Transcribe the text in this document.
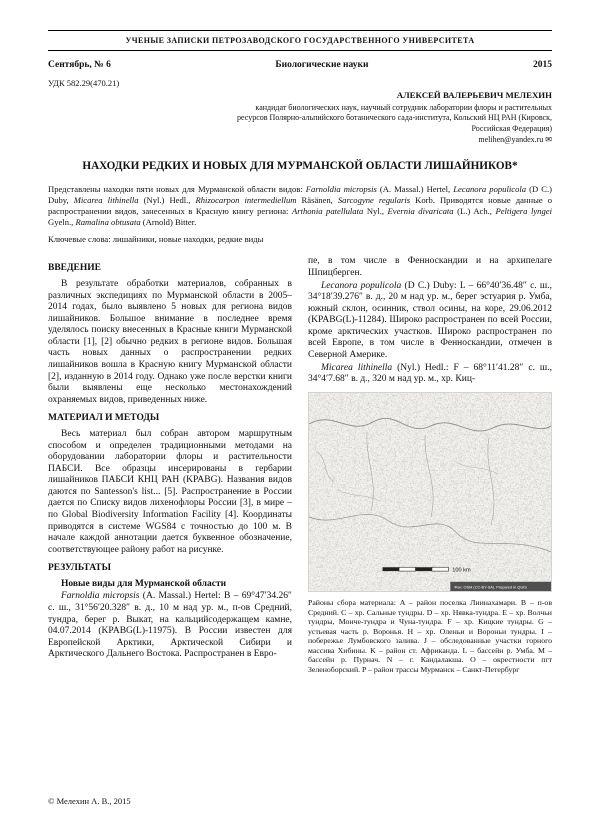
УЧЕНЫЕ ЗАПИСКИ ПЕТРОЗАВОДСКОГО ГОСУДАРСТВЕННОГО УНИВЕРСИТЕТА
Сентябрь, № 6	Биологические науки	2015
УДК 582.29(470.21)
АЛЕКСЕЙ ВАЛЕРЬЕВИЧ МЕЛЕХИН
кандидат биологических наук, научный сотрудник лаборатории флоры и растительных ресурсов Полярно-альпийского ботанического сада-института, Кольский НЦ РАН (Кировск, Российская Федерация)
melihen@yandex.ru ✉
НАХОДКИ РЕДКИХ И НОВЫХ ДЛЯ МУРМАНСКОЙ ОБЛАСТИ ЛИШАЙНИКОВ*

Представлены находки пяти новых для Мурманской области видов: Farnoldia micropsis (A. Massal.) Hertel, Lecanora populicola (D C.) Duby, Micarea lithinella (Nyl.) Hedl., Rhizocarpon intermediellum Räsänen, Sarcogyne regularis Korb. Приводятся новые данные о распространении видов, занесенных в Красную книгу региона: Arthonia patellulata Nyl., Evernia divaricata (L.) Ach., Peltigera lyngei Gyeln., Ramalina obtusata (Arnold) Bitter.

Ключевые слова: лишайники, новые находки, редкие виды

ВВЕДЕНИЕ

В результате обработки материалов, собранных в различных экспедициях по Мурманской области в 2005–2014 годах, было выявлено 5 новых для региона видов лишайников. Большое внимание в последнее время уделялось поиску внесенных в Красные книги Мурманской области [1], [2] обычно редких в регионе видов. Большая часть новых данных о распространении редких лишайников вошла в Красную книгу Мурманской области [2], изданную в 2014 году. Однако уже после верстки книги были выявлены еще несколько местонахождений охраняемых видов, приведенных ниже.

МАТЕРИАЛ И МЕТОДЫ

Весь материал был собран автором маршрутным способом и определен традиционными методами на оборудовании лаборатории флоры и растительности ПАБСИ. Все образцы инсерированы в гербарии лишайников ПАБСИ КНЦ РАН (KPABG). Названия видов даются по Santesson's list... [5]. Распространение в России дается по Списку видов лихенофлоры России [3], в мире – по Global Biodiversity Information Facility [4]. Координаты приводятся в системе WGS84 с точностью до 100 м. В начале каждой аннотации дается буквенное обозначение, соответствующее району работ на рисунке.

РЕЗУЛЬТАТЫ

Новые виды для Мурманской области

Farnoldia micropsis (A. Massal.) Hertel: В – 69°47′34.26″ с. ш., 31°56′20.328″ в. д., 10 м над ур. м., п-ов Средний, тундра, берег р. Выкат, на кальцийсодержащем камне, 04.07.2014 (KPABG(L)-11975). В России известен для Европейской Арктики, Арктической Сибири и Арктического Дальнего Востока. Распространен в Евро-

пе, в том числе в Фенноскандии и на архипелаге Шпицберген.

Lecanora populicola (D C.) Duby: L – 66°40′36.48″ с. ш., 34°18′39.276″ в. д., 20 м над ур. м., берег эстуария р. Умба, южный склон, осинник, ствол осины, на коре, 29.06.2012 (KPABG(L)-11284). Широко распространен по всей России, кроме арктических участков. Широко распространен по всей Европе, в том числе в Фенноскандии, отмечен в Северной Америке.

Micarea lithinella (Nyl.) Hedl.: F – 68°11′41.28″ с. ш., 34°4′7.68″ в. д., 320 м над ур. м., хр. Киц-

100 km
Фон: OSM (CC-BY-SA). Prepared in QGIS
Районы сбора материала: A – район поселка Лиинахамари. B – п-ов Средний. C – хр. Сальные тундры. D – хр. Нявка-тундра. E – хр. Волчьи тундры, Монче-тундра и Чуна-тундра. F – хр. Кицкие тундры. G – устьевая часть р. Воронья. H – хр. Оленьи и Вороньи тундры. I – побережье Лумбовского залива. J – обследованные участки горного массива Хибины. K – район ст. Африканда. L – бассейн р. Умба. M – бассейн р. Пурнач. N – г. Кандалакша. O – окрестности пгт Зеленоборский. P – район трассы Мурманск – Санкт-Петербург
© Мелехин А. В., 2015
